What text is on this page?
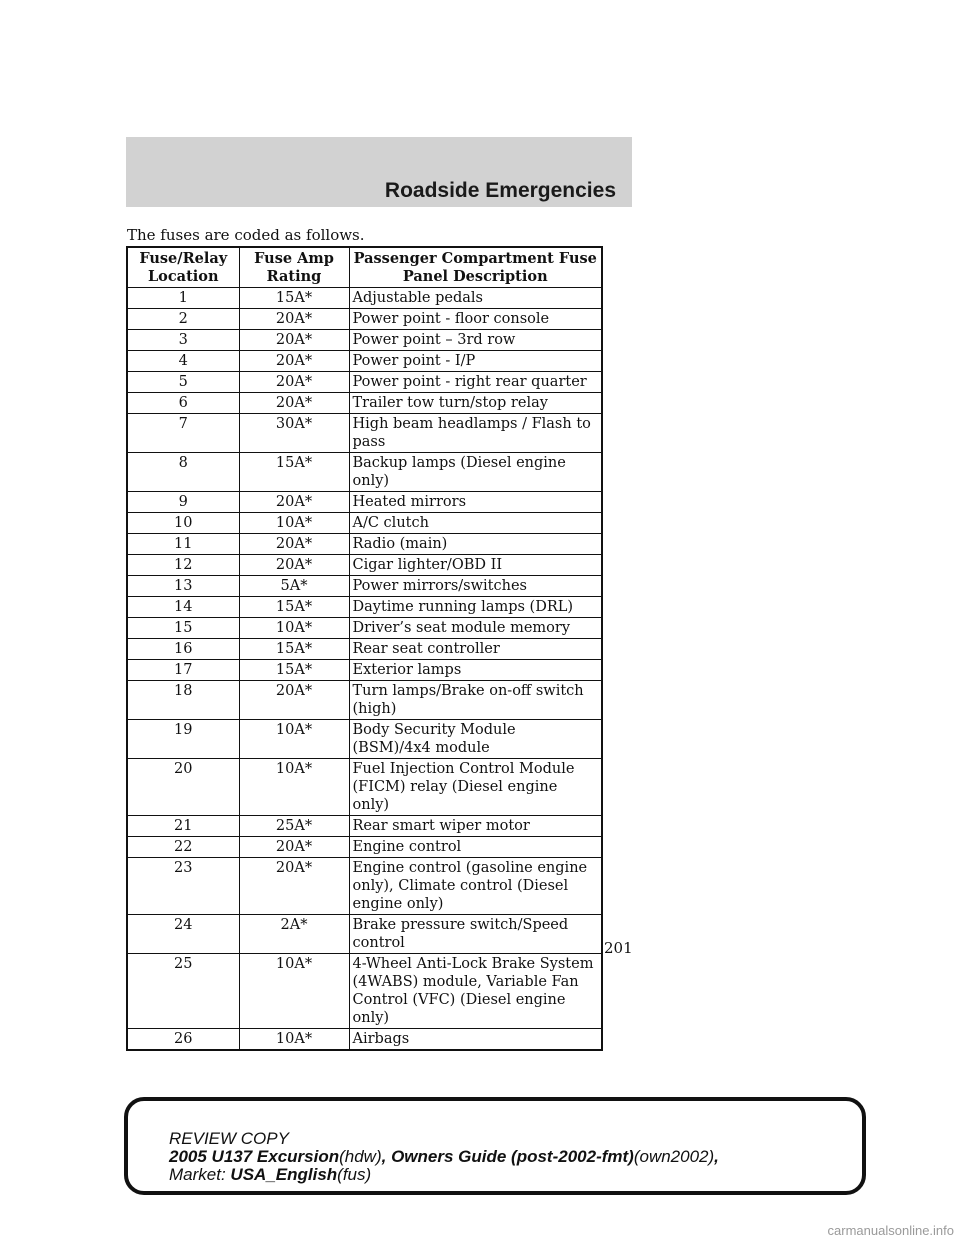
Roadside Emergencies
The fuses are coded as follows.
Fuse/Relay Location	Fuse Amp Rating	Passenger Compartment Fuse Panel Description
1	15A*	Adjustable pedals
2	20A*	Power point - floor console
3	20A*	Power point – 3rd row
4	20A*	Power point - I/P
5	20A*	Power point - right rear quarter
6	20A*	Trailer tow turn/stop relay
7	30A*	High beam headlamps / Flash to pass
8	15A*	Backup lamps (Diesel engine only)
9	20A*	Heated mirrors
10	10A*	A/C clutch
11	20A*	Radio (main)
12	20A*	Cigar lighter/OBD II
13	5A*	Power mirrors/switches
14	15A*	Daytime running lamps (DRL)
15	10A*	Driver’s seat module memory
16	15A*	Rear seat controller
17	15A*	Exterior lamps
18	20A*	Turn lamps/Brake on-off switch (high)
19	10A*	Body Security Module (BSM)/4x4 module
20	10A*	Fuel Injection Control Module (FICM) relay (Diesel engine only)
21	25A*	Rear smart wiper motor
22	20A*	Engine control
23	20A*	Engine control (gasoline engine only), Climate control (Diesel engine only)
24	2A*	Brake pressure switch/Speed control
25	10A*	4-Wheel Anti-Lock Brake System (4WABS) module, Variable Fan Control (VFC) (Diesel engine only)
26	10A*	Airbags
201
REVIEW COPY
2005 U137 Excursion(hdw), Owners Guide (post-2002-fmt)(own2002),
Market: USA_English(fus)
carmanualsonline.info
